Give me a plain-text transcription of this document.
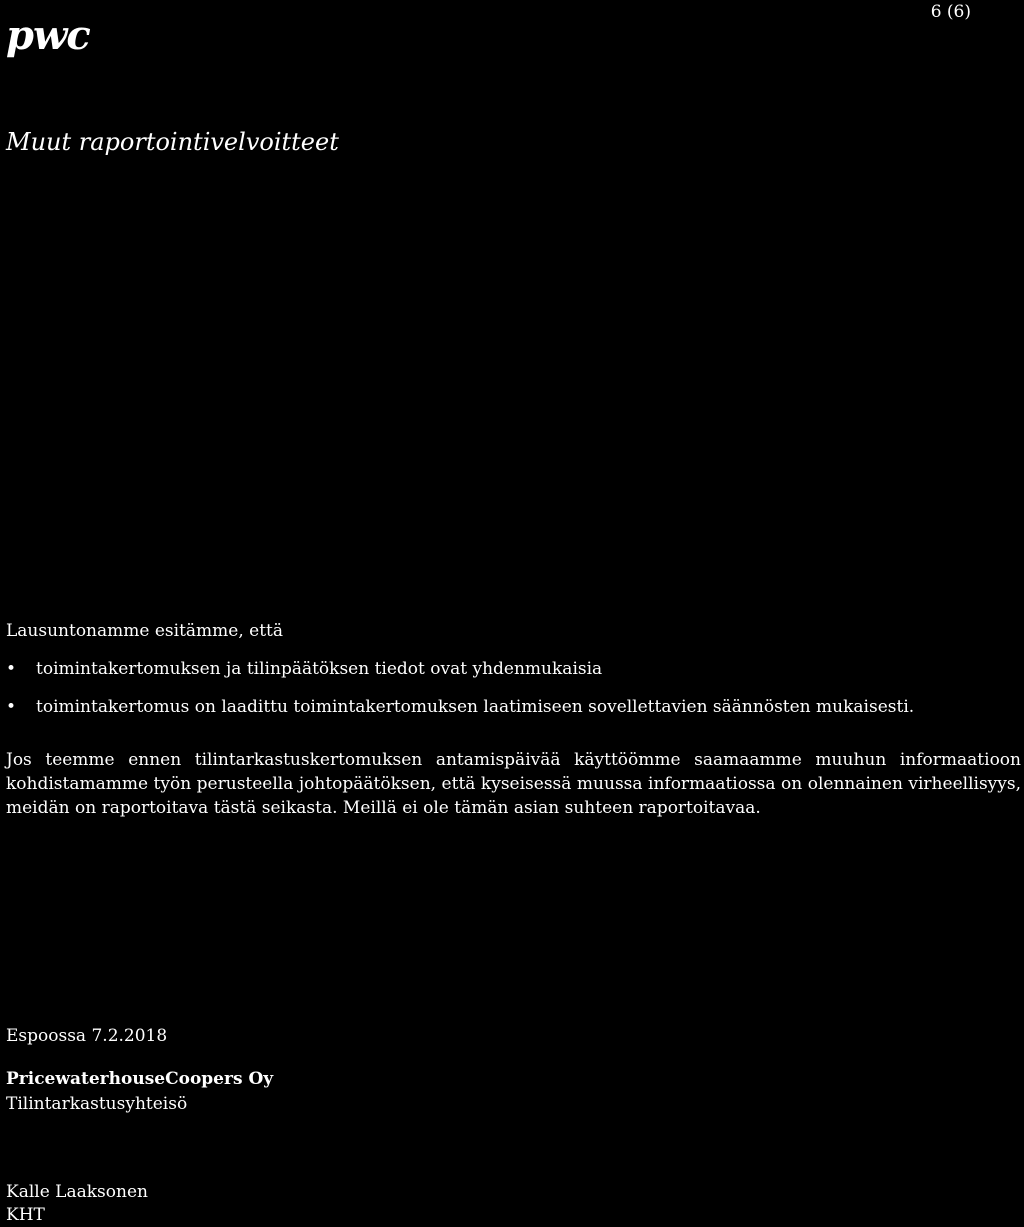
pwc	6 (6)
Muut raportointivelvoitteet

Lausuntonamme esitämme, että

• toimintakertomuksen ja tilinpäätöksen tiedot ovat yhdenmukaisia
• toimintakertomus on laadittu toimintakertomuksen laatimiseen sovellettavien säännösten mukaisesti.

Jos teemme ennen tilintarkastuskertomuksen antamispäivää käyttöömme saamaamme muuhun informaatioon kohdistamamme työn perusteella johtopäätöksen, että kyseisessä muussa informaatiossa on olennainen virheellisyys, meidän on raportoitava tästä seikasta. Meillä ei ole tämän asian suhteen raportoitavaa.

Espoossa 7.2.2018

PricewaterhouseCoopers Oy

Tilintarkastusyhteisö

Kalle Laaksonen

KHT
